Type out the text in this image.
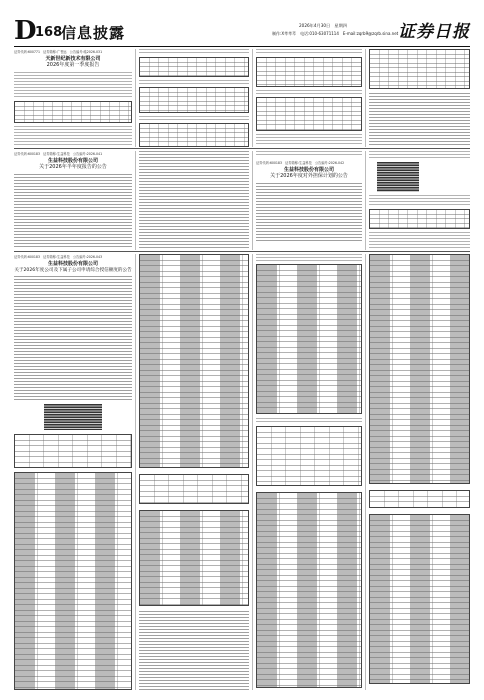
D
168
信息披露	2026年4月30日　星期四
制作:X莘莘萃　电话:010-63071114　E-mail:zqrb9@zqrb.sina.net 证券日报
证券代码:600771　证券简称:广誉远　公告编号:临2026-031
天新世纪新技术有限公司
2026年度第一季度报告
证券代码:600183　证券简称:生益科技　公告编号:2026-041
生益科技股份有限公司
关于2026年半年度报告的公告
证券代码:600183　证券简称:生益科技　公告编号:2026-042
生益科技股份有限公司
关于2026年度对外担保计划的公告
证券代码:600183　证券简称:生益科技　公告编号:2026-043
生益科技股份有限公司
关于2026年度公司及下属子公司申请综合授信额度的公告
